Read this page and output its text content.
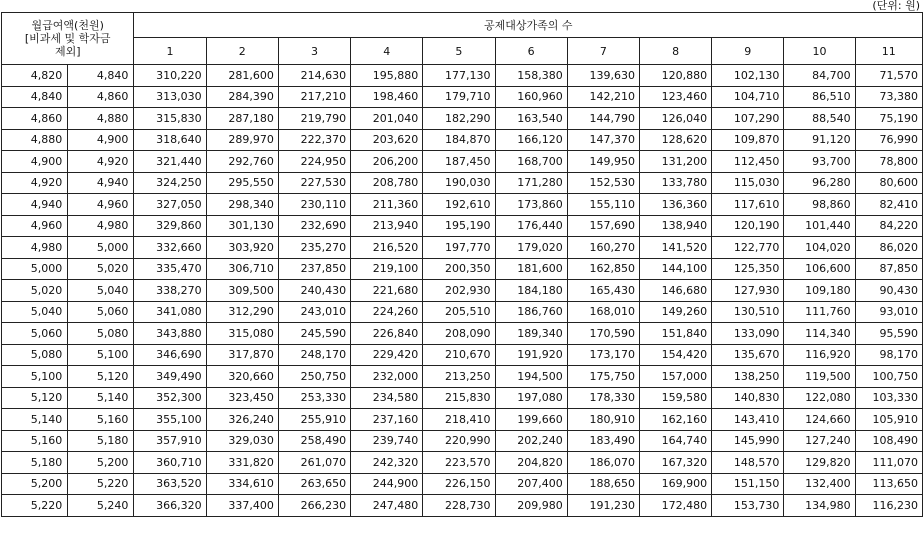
(단위: 원)
월급여액(천원)
[비과세 및 학자금
제외]		공제대상가족의 수										
		1	2	3	4	5	6	7	8	9	10	11
4,820	4,840	310,220	281,600	214,630	195,880	177,130	158,380	139,630	120,880	102,130	84,700	71,570
4,840	4,860	313,030	284,390	217,210	198,460	179,710	160,960	142,210	123,460	104,710	86,510	73,380
4,860	4,880	315,830	287,180	219,790	201,040	182,290	163,540	144,790	126,040	107,290	88,540	75,190
4,880	4,900	318,640	289,970	222,370	203,620	184,870	166,120	147,370	128,620	109,870	91,120	76,990
4,900	4,920	321,440	292,760	224,950	206,200	187,450	168,700	149,950	131,200	112,450	93,700	78,800
4,920	4,940	324,250	295,550	227,530	208,780	190,030	171,280	152,530	133,780	115,030	96,280	80,600
4,940	4,960	327,050	298,340	230,110	211,360	192,610	173,860	155,110	136,360	117,610	98,860	82,410
4,960	4,980	329,860	301,130	232,690	213,940	195,190	176,440	157,690	138,940	120,190	101,440	84,220
4,980	5,000	332,660	303,920	235,270	216,520	197,770	179,020	160,270	141,520	122,770	104,020	86,020
5,000	5,020	335,470	306,710	237,850	219,100	200,350	181,600	162,850	144,100	125,350	106,600	87,850
5,020	5,040	338,270	309,500	240,430	221,680	202,930	184,180	165,430	146,680	127,930	109,180	90,430
5,040	5,060	341,080	312,290	243,010	224,260	205,510	186,760	168,010	149,260	130,510	111,760	93,010
5,060	5,080	343,880	315,080	245,590	226,840	208,090	189,340	170,590	151,840	133,090	114,340	95,590
5,080	5,100	346,690	317,870	248,170	229,420	210,670	191,920	173,170	154,420	135,670	116,920	98,170
5,100	5,120	349,490	320,660	250,750	232,000	213,250	194,500	175,750	157,000	138,250	119,500	100,750
5,120	5,140	352,300	323,450	253,330	234,580	215,830	197,080	178,330	159,580	140,830	122,080	103,330
5,140	5,160	355,100	326,240	255,910	237,160	218,410	199,660	180,910	162,160	143,410	124,660	105,910
5,160	5,180	357,910	329,030	258,490	239,740	220,990	202,240	183,490	164,740	145,990	127,240	108,490
5,180	5,200	360,710	331,820	261,070	242,320	223,570	204,820	186,070	167,320	148,570	129,820	111,070
5,200	5,220	363,520	334,610	263,650	244,900	226,150	207,400	188,650	169,900	151,150	132,400	113,650
5,220	5,240	366,320	337,400	266,230	247,480	228,730	209,980	191,230	172,480	153,730	134,980	116,230
